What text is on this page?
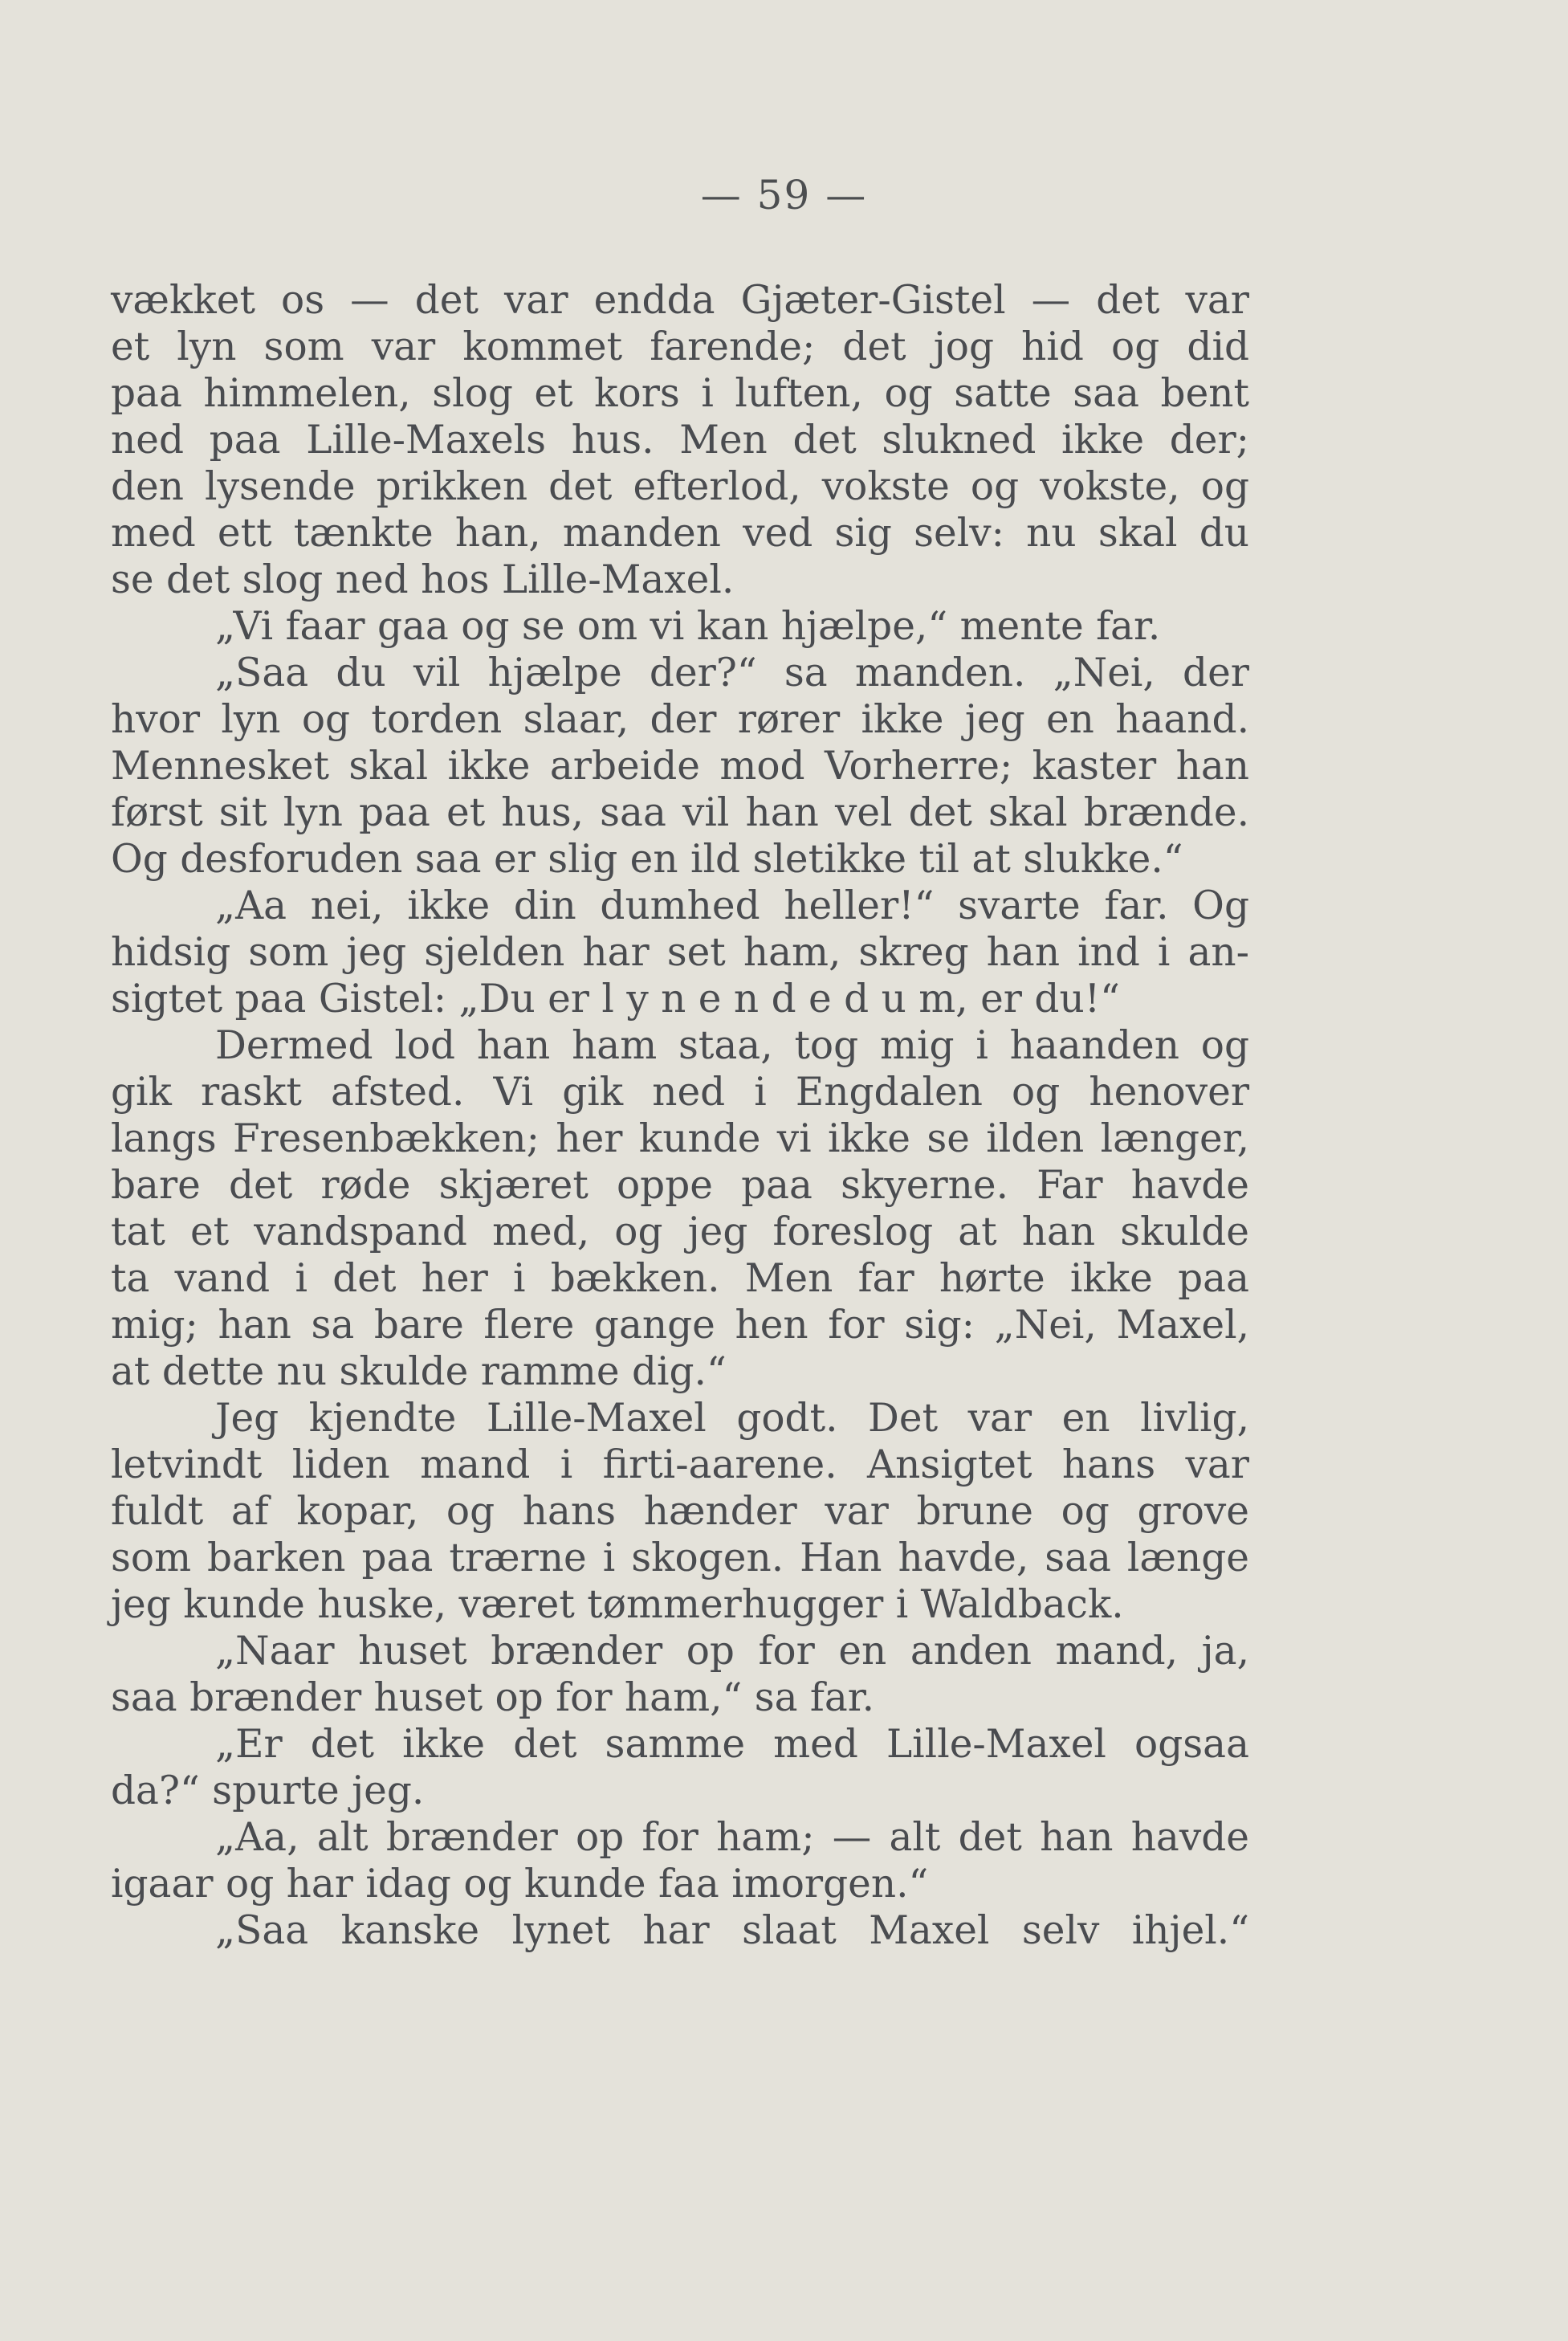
— 59 —
vækket os — det var endda Gjæter-Gistel — det var
et lyn som var kommet farende; det jog hid og did
paa himmelen, slog et kors i luften, og satte saa bent
ned paa Lille-Maxels hus. Men det slukned ikke der;
den lysende prikken det efterlod, vokste og vokste, og
med ett tænkte han, manden ved sig selv: nu skal du
se det slog ned hos Lille-Maxel.
„Vi faar gaa og se om vi kan hjælpe,“ mente far.
„Saa du vil hjælpe der?“ sa manden. „Nei, der
hvor lyn og torden slaar, der rører ikke jeg en haand.
Mennesket skal ikke arbeide mod Vorherre; kaster han
først sit lyn paa et hus, saa vil han vel det skal brænde.
Og desforuden saa er slig en ild sletikke til at slukke.“
„Aa nei, ikke din dumhed heller!“ svarte far. Og
hidsig som jeg sjelden har set ham, skreg han ind i an-
sigtet paa Gistel: „Du er l y n e n d e d u m, er du!“
Dermed lod han ham staa, tog mig i haanden og
gik raskt afsted. Vi gik ned i Engdalen og henover
langs Fresenbækken; her kunde vi ikke se ilden længer,
bare det røde skjæret oppe paa skyerne. Far havde
tat et vandspand med, og jeg foreslog at han skulde
ta vand i det her i bækken. Men far hørte ikke paa
mig; han sa bare flere gange hen for sig: „Nei, Maxel,
at dette nu skulde ramme dig.“
Jeg kjendte Lille-Maxel godt. Det var en livlig,
letvindt liden mand i firti-aarene. Ansigtet hans var
fuldt af kopar, og hans hænder var brune og grove
som barken paa trærne i skogen. Han havde, saa længe
jeg kunde huske, været tømmerhugger i Waldback.
„Naar huset brænder op for en anden mand, ja,
saa brænder huset op for ham,“ sa far.
„Er det ikke det samme med Lille-Maxel ogsaa
da?“ spurte jeg.
„Aa, alt brænder op for ham; — alt det han havde
igaar og har idag og kunde faa imorgen.“
„Saa kanske lynet har slaat Maxel selv ihjel.“
